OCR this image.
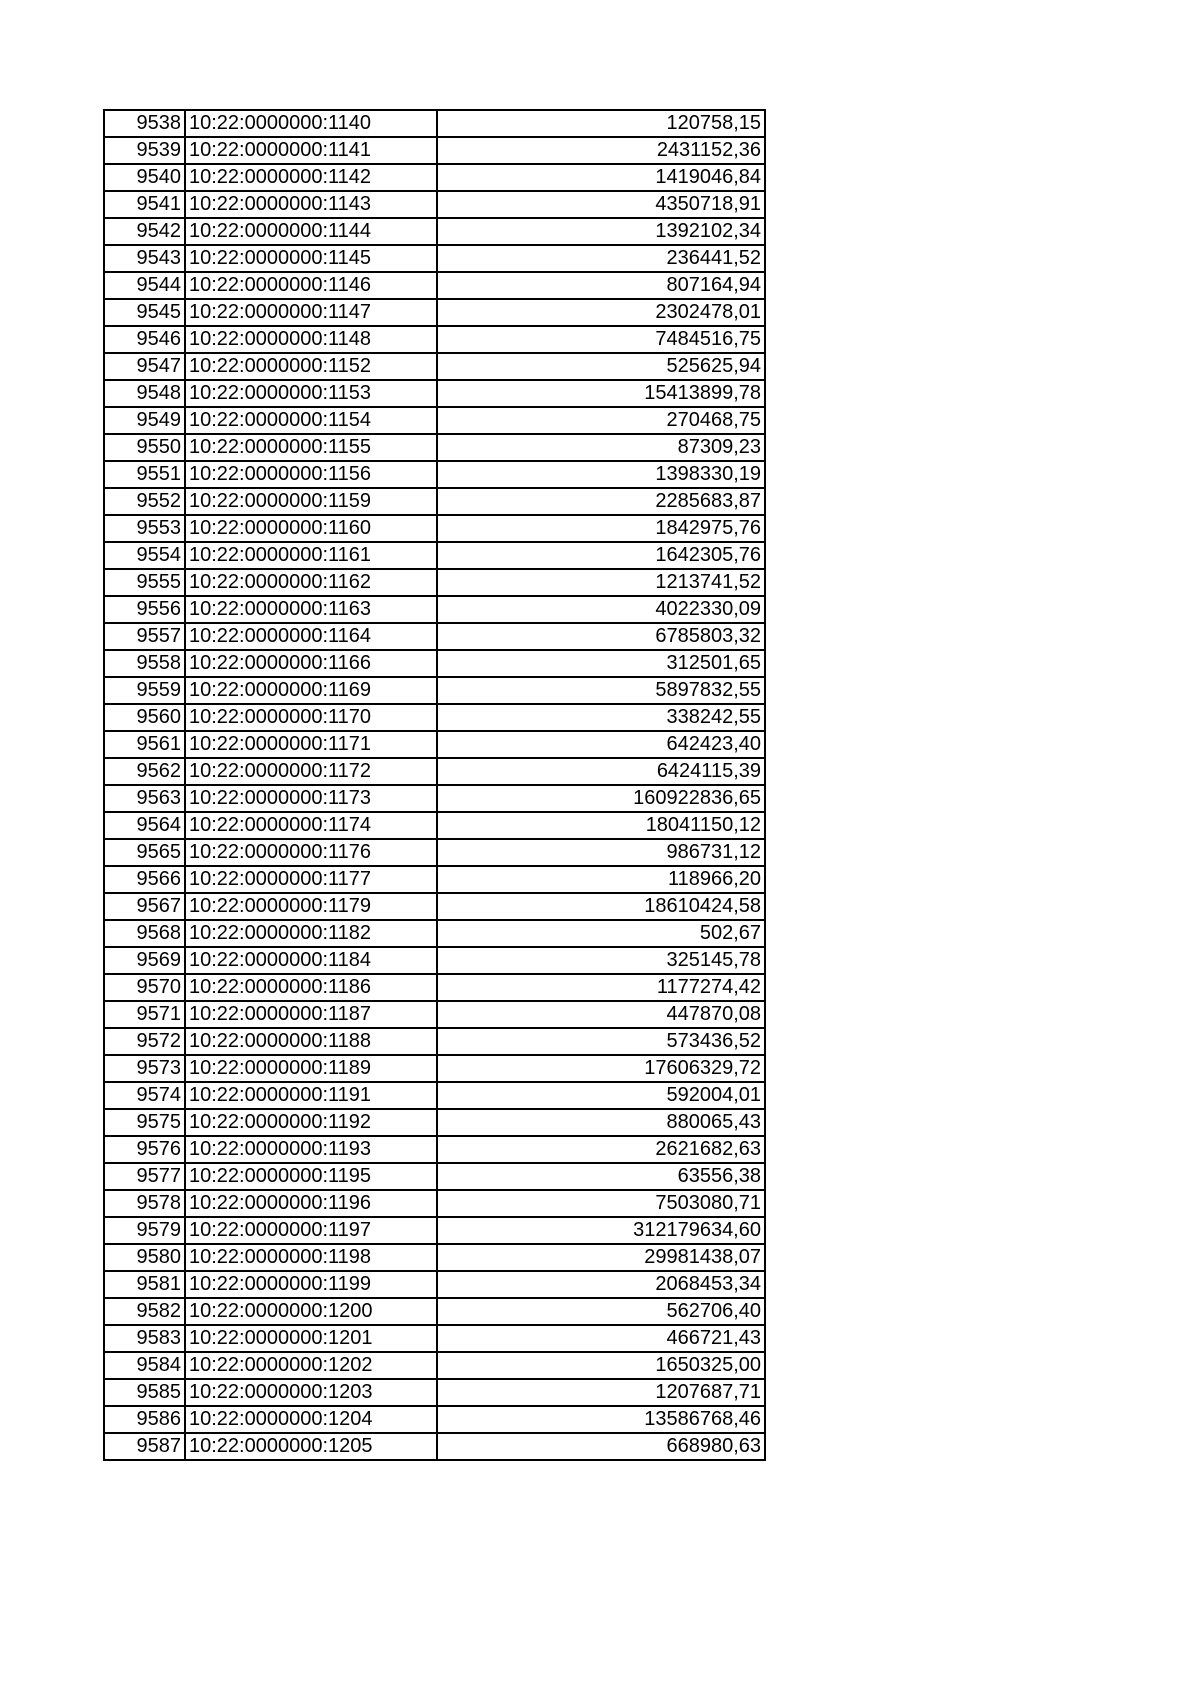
9538	10:22:0000000:1140	120758,15
9539	10:22:0000000:1141	2431152,36
9540	10:22:0000000:1142	1419046,84
9541	10:22:0000000:1143	4350718,91
9542	10:22:0000000:1144	1392102,34
9543	10:22:0000000:1145	236441,52
9544	10:22:0000000:1146	807164,94
9545	10:22:0000000:1147	2302478,01
9546	10:22:0000000:1148	7484516,75
9547	10:22:0000000:1152	525625,94
9548	10:22:0000000:1153	15413899,78
9549	10:22:0000000:1154	270468,75
9550	10:22:0000000:1155	87309,23
9551	10:22:0000000:1156	1398330,19
9552	10:22:0000000:1159	2285683,87
9553	10:22:0000000:1160	1842975,76
9554	10:22:0000000:1161	1642305,76
9555	10:22:0000000:1162	1213741,52
9556	10:22:0000000:1163	4022330,09
9557	10:22:0000000:1164	6785803,32
9558	10:22:0000000:1166	312501,65
9559	10:22:0000000:1169	5897832,55
9560	10:22:0000000:1170	338242,55
9561	10:22:0000000:1171	642423,40
9562	10:22:0000000:1172	6424115,39
9563	10:22:0000000:1173	160922836,65
9564	10:22:0000000:1174	18041150,12
9565	10:22:0000000:1176	986731,12
9566	10:22:0000000:1177	118966,20
9567	10:22:0000000:1179	18610424,58
9568	10:22:0000000:1182	502,67
9569	10:22:0000000:1184	325145,78
9570	10:22:0000000:1186	1177274,42
9571	10:22:0000000:1187	447870,08
9572	10:22:0000000:1188	573436,52
9573	10:22:0000000:1189	17606329,72
9574	10:22:0000000:1191	592004,01
9575	10:22:0000000:1192	880065,43
9576	10:22:0000000:1193	2621682,63
9577	10:22:0000000:1195	63556,38
9578	10:22:0000000:1196	7503080,71
9579	10:22:0000000:1197	312179634,60
9580	10:22:0000000:1198	29981438,07
9581	10:22:0000000:1199	2068453,34
9582	10:22:0000000:1200	562706,40
9583	10:22:0000000:1201	466721,43
9584	10:22:0000000:1202	1650325,00
9585	10:22:0000000:1203	1207687,71
9586	10:22:0000000:1204	13586768,46
9587	10:22:0000000:1205	668980,63
